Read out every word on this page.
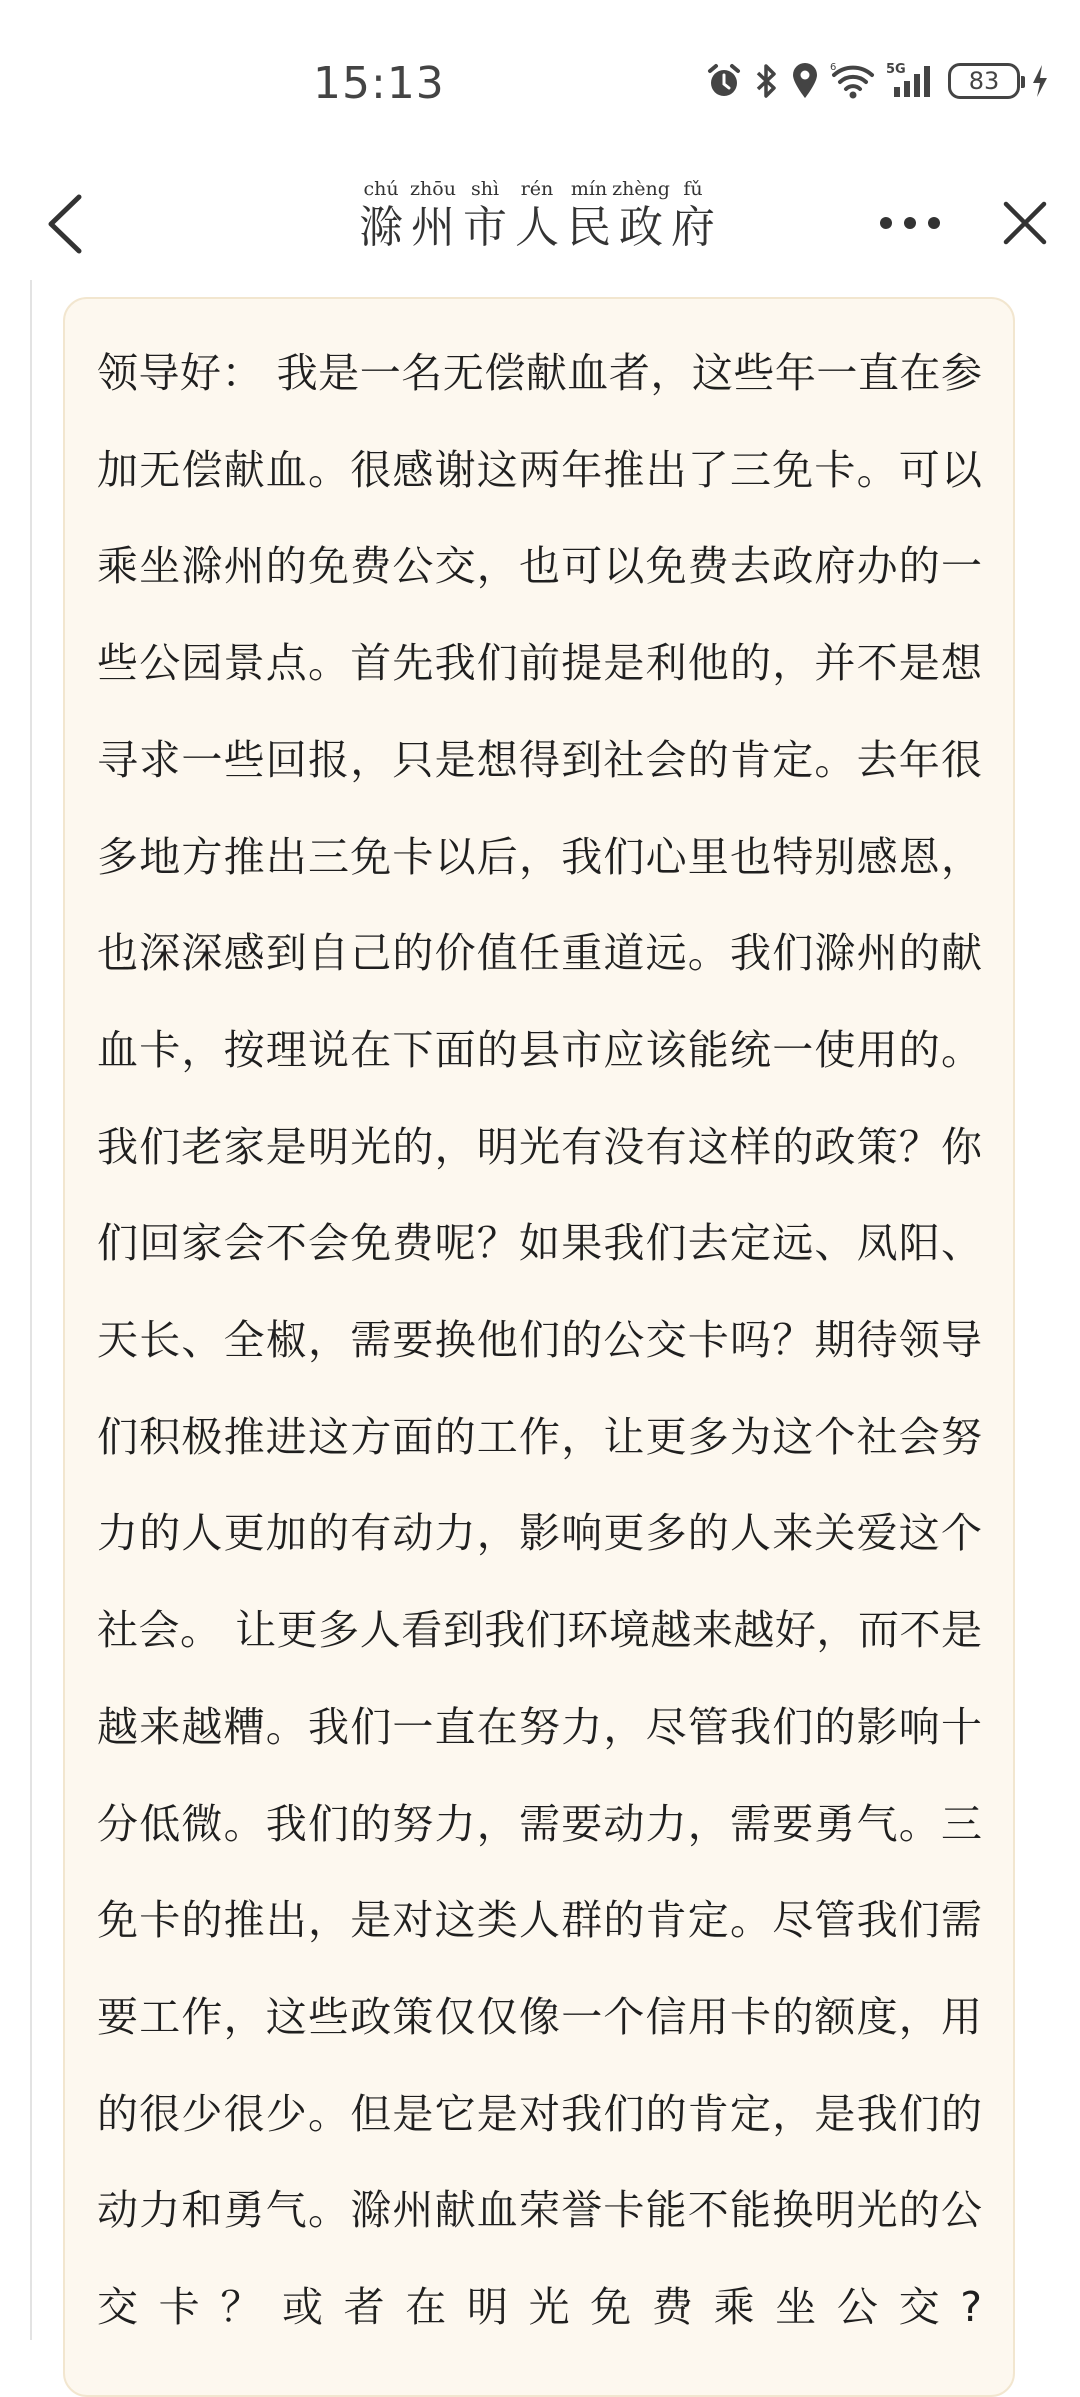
15:13	6	5G	83
chú
滁
zhōu
州
shì
市
rén
人
mín
民
zhèng
政
fǔ
府

领导好： 我是一名无偿献血者，这些年一直在参加无偿献血。很感谢这两年推出了三免卡。可以乘坐滁州的免费公交，也可以免费去政府办的一些公园景点。首先我们前提是利他的，并不是想寻求一些回报，只是想得到社会的肯定。去年很多地方推出三免卡以后，我们心里也特别感恩，也深深感到自己的价值任重道远。我们滁州的献血卡，按理说在下面的县市应该能统一使用的。我们老家是明光的，明光有没有这样的政策？你们回家会不会免费呢？如果我们去定远、凤阳、天长、全椒，需要换他们的公交卡吗？期待领导们积极推进这方面的工作，让更多为这个社会努力的人更加的有动力，影响更多的人来关爱这个社会。 让更多人看到我们环境越来越好，而不是越来越糟。我们一直在努力，尽管我们的影响十分低微。我们的努力，需要动力，需要勇气。三免卡的推出，是对这类人群的肯定。尽管我们需要工作，这些政策仅仅像一个信用卡的额度，用的很少很少。但是它是对我们的肯定，是我们的动力和勇气。滁州献血荣誉卡能不能换明光的公交卡？或者在明光免费乘坐公交?
